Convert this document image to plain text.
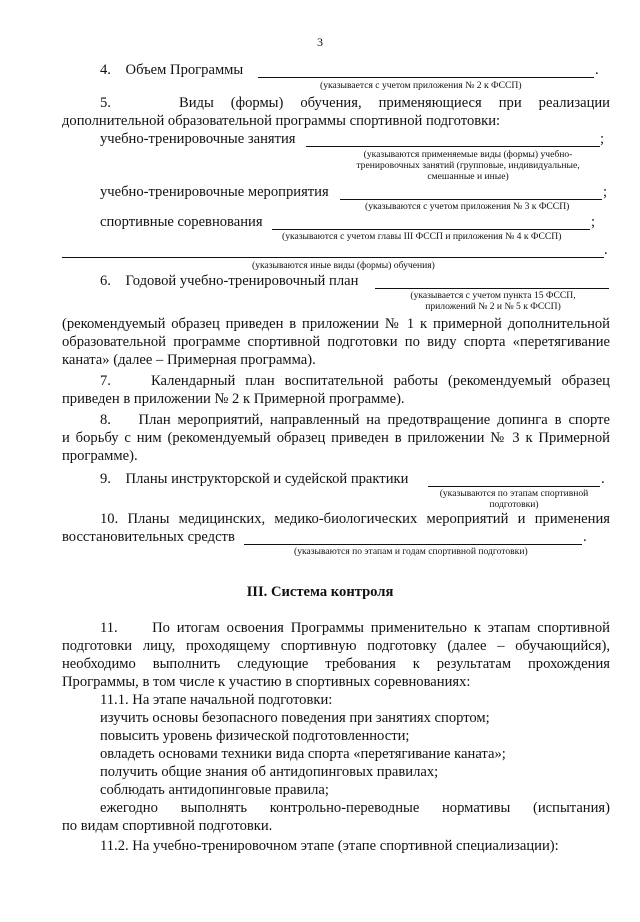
3
4.    Объем Программы	.
(указывается с учетом приложения № 2 к ФССП)
5.    Виды (формы) обучения, применяющиеся при реализации
дополнительной образовательной программы спортивной подготовки:
учебно-тренировочные занятия	;
(указываются применяемые виды (формы) учебно-
тренировочных занятий (групповые, индивидуальные,
смешанные и иные)
учебно-тренировочные мероприятия	;
(указываются с учетом приложения № 3 к ФССП)
спортивные соревнования	;
(указываются с учетом главы III ФССП и приложения № 4 к ФССП)
.
(указываются иные виды (формы) обучения)
6.    Годовой учебно-тренировочный план
(указывается с учетом пункта 15 ФССП,
приложений № 2 и № 5 к ФССП)
(рекомендуемый образец приведен в приложении № 1 к примерной дополнительной
образовательной программе спортивной подготовки по виду спорта «перетягивание
каната» (далее – Примерная программа).
7.    Календарный план воспитательной работы (рекомендуемый образец
приведен в приложении № 2 к Примерной программе).
8.    План мероприятий, направленный на предотвращение допинга в спорте
и борьбу с ним (рекомендуемый образец приведен в приложении № 3 к Примерной
программе).
9.    Планы инструкторской и судейской практики	.
(указываются по этапам спортивной
подготовки)
10. Планы медицинских, медико-биологических мероприятий и применения
восстановительных средств	.
(указываются по этапам и годам спортивной подготовки)
III. Система контроля
11.     По итогам освоения Программы применительно к этапам спортивной
подготовки лицу, проходящему спортивную подготовку (далее – обучающийся),
необходимо выполнить следующие требования к результатам прохождения
Программы, в том числе к участию в спортивных соревнованиях:
11.1. На этапе начальной подготовки:
изучить основы безопасного поведения при занятиях спортом;
повысить уровень физической подготовленности;
овладеть основами техники вида спорта «перетягивание каната»;
получить общие знания об антидопинговых правилах;
соблюдать антидопинговые правила;
ежегодно выполнять контрольно-переводные нормативы (испытания)
по видам спортивной подготовки.
11.2. На учебно-тренировочном этапе (этапе спортивной специализации):
